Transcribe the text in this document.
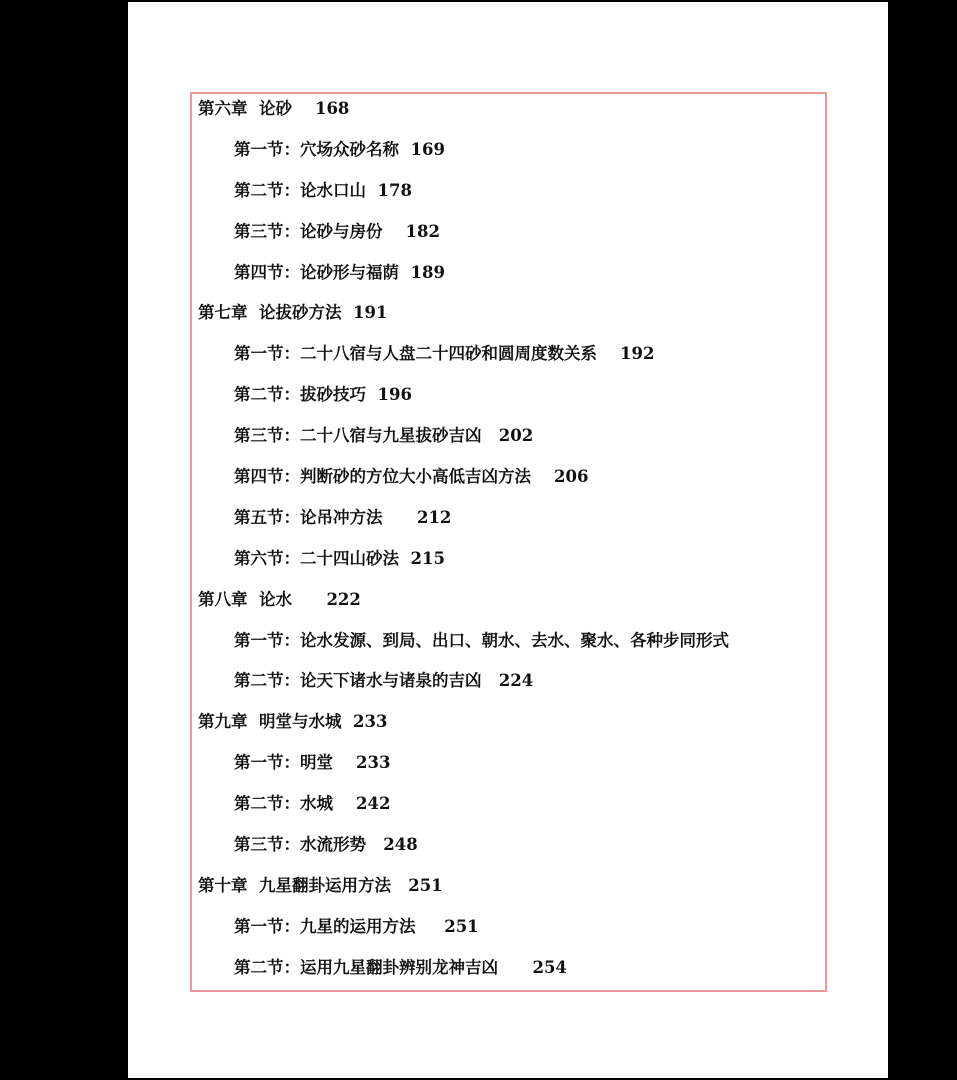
第六章  论砂    168
第一节：穴场众砂名称  169
第二节：论水口山  178
第三节：论砂与房份    182
第四节：论砂形与福荫  189
第七章  论拔砂方法  191
第一节：二十八宿与人盘二十四砂和圆周度数关系    192
第二节：拔砂技巧  196
第三节：二十八宿与九星拔砂吉凶   202
第四节：判断砂的方位大小高低吉凶方法    206
第五节：论吊冲方法      212
第六节：二十四山砂法  215
第八章  论水      222
第一节：论水发源、到局、出口、朝水、去水、聚水、各种步同形式
第二节：论天下诸水与诸泉的吉凶   224
第九章  明堂与水城  233
第一节：明堂    233
第二节：水城    242
第三节：水流形势   248
第十章  九星翻卦运用方法   251
第一节：九星的运用方法     251
第二节：运用九星翻卦辨别龙神吉凶      254
